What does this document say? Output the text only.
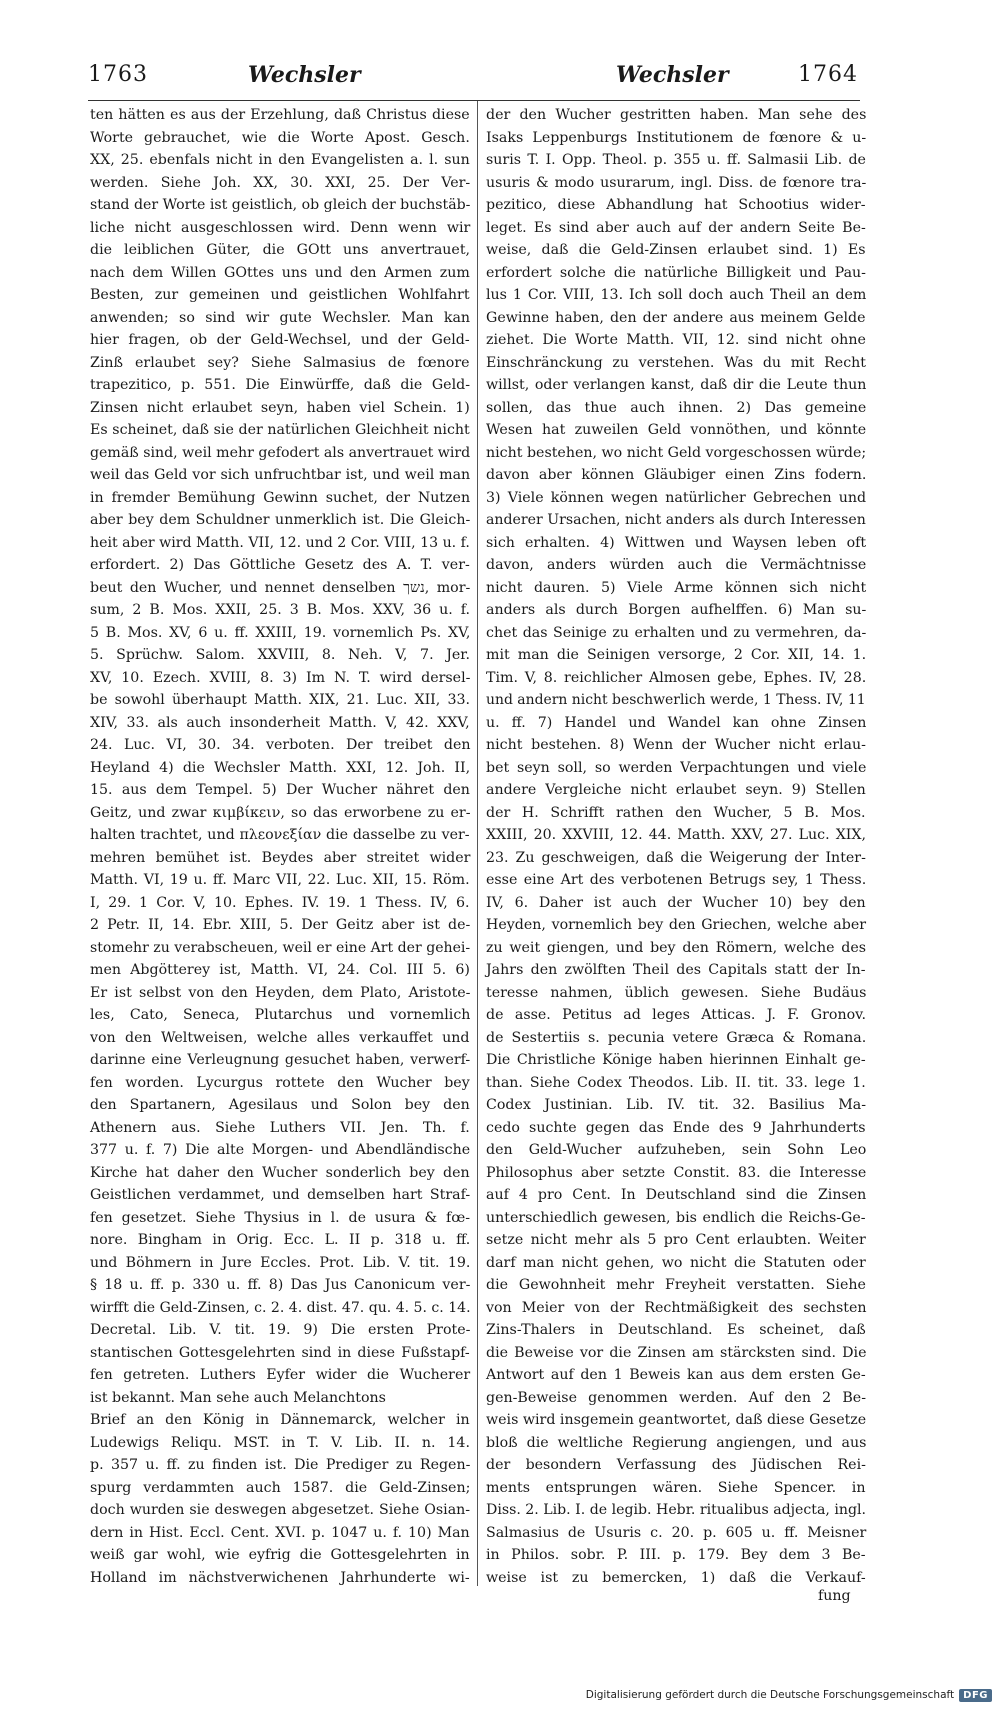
1763	Wechsler	Wechsler	1764
ten hätten es aus der Erzehlung, daß Christus diese
Worte gebrauchet, wie die Worte Apost. Gesch.
XX, 25. ebenfals nicht in den Evangelisten a. l. sun
werden. Siehe Joh. XX, 30. XXI, 25. Der Ver-
stand der Worte ist geistlich, ob gleich der buchstäb-
liche nicht ausgeschlossen wird. Denn wenn wir
die leiblichen Güter, die GOtt uns anvertrauet,
nach dem Willen GOttes uns und den Armen zum
Besten, zur gemeinen und geistlichen Wohlfahrt
anwenden; so sind wir gute Wechsler. Man kan
hier fragen, ob der Geld-Wechsel, und der Geld-
Zinß erlaubet sey? Siehe Salmasius de fœnore
trapezitico, p. 551. Die Einwürffe, daß die Geld-
Zinsen nicht erlaubet seyn, haben viel Schein. 1)
Es scheinet, daß sie der natürlichen Gleichheit nicht
gemäß sind, weil mehr gefodert als anvertrauet wird
weil das Geld vor sich unfruchtbar ist, und weil man
in fremder Bemühung Gewinn suchet, der Nutzen
aber bey dem Schuldner unmerklich ist. Die Gleich-
heit aber wird Matth. VII, 12. und 2 Cor. VIII, 13 u. f.
erfordert. 2) Das Göttliche Gesetz des A. T. ver-
beut den Wucher, und nennet denselben נשך, mor-
sum, 2 B. Mos. XXII, 25. 3 B. Mos. XXV, 36 u. f.
5 B. Mos. XV, 6 u. ff. XXIII, 19. vornemlich Ps. XV,
5. Sprüchw. Salom. XXVIII, 8. Neh. V, 7. Jer.
XV, 10. Ezech. XVIII, 8. 3) Im N. T. wird dersel-
be sowohl überhaupt Matth. XIX, 21. Luc. XII, 33.
XIV, 33. als auch insonderheit Matth. V, 42. XXV,
24. Luc. VI, 30. 34. verboten. Der treibet den
Heyland 4) die Wechsler Matth. XXI, 12. Joh. II,
15. aus dem Tempel. 5) Der Wucher nähret den
Geitz, und zwar κιμβίκειν, so das erworbene zu er-
halten trachtet, und πλεονεξίαν die dasselbe zu ver-
mehren bemühet ist. Beydes aber streitet wider
Matth. VI, 19 u. ff. Marc VII, 22. Luc. XII, 15. Röm.
I, 29. 1 Cor. V, 10. Ephes. IV. 19. 1 Thess. IV, 6.
2 Petr. II, 14. Ebr. XIII, 5. Der Geitz aber ist de-
stomehr zu verabscheuen, weil er eine Art der gehei-
men Abgötterey ist, Matth. VI, 24. Col. III 5. 6)
Er ist selbst von den Heyden, dem Plato, Aristote-
les, Cato, Seneca, Plutarchus und vornemlich
von den Weltweisen, welche alles verkauffet und
darinne eine Verleugnung gesuchet haben, verwerf-
fen worden. Lycurgus rottete den Wucher bey
den Spartanern, Agesilaus und Solon bey den
Athenern aus. Siehe Luthers VII. Jen. Th. f.
377 u. f. 7) Die alte Morgen- und Abendländische
Kirche hat daher den Wucher sonderlich bey den
Geistlichen verdammet, und demselben hart Straf-
fen gesetzet. Siehe Thysius in l. de usura & fœ-
nore. Bingham in Orig. Ecc. L. II p. 318 u. ff.
und Böhmern in Jure Eccles. Prot. Lib. V. tit. 19.
§ 18 u. ff. p. 330 u. ff. 8) Das Jus Canonicum ver-
wirfft die Geld-Zinsen, c. 2. 4. dist. 47. qu. 4. 5. c. 14.
Decretal. Lib. V. tit. 19. 9) Die ersten Prote-
stantischen Gottesgelehrten sind in diese Fußstapf-
fen getreten. Luthers Eyfer wider die Wucherer
ist bekannt. Man sehe auch Melanchtons
Brief an den König in Dännemarck, welcher in
Ludewigs Reliqu. MST. in T. V. Lib. II. n. 14.
p. 357 u. ff. zu finden ist. Die Prediger zu Regen-
spurg verdammten auch 1587. die Geld-Zinsen;
doch wurden sie deswegen abgesetzet. Siehe Osian-
dern in Hist. Eccl. Cent. XVI. p. 1047 u. f. 10) Man
weiß gar wohl, wie eyfrig die Gottesgelehrten in
Holland im nächstverwichenen Jahrhunderte wi-
der den Wucher gestritten haben. Man sehe des
Isaks Leppenburgs Institutionem de fœnore & u-
suris T. I. Opp. Theol. p. 355 u. ff. Salmasii Lib. de
usuris & modo usurarum, ingl. Diss. de fœnore tra-
pezitico, diese Abhandlung hat Schootius wider-
leget. Es sind aber auch auf der andern Seite Be-
weise, daß die Geld-Zinsen erlaubet sind. 1) Es
erfordert solche die natürliche Billigkeit und Pau-
lus 1 Cor. VIII, 13. Ich soll doch auch Theil an dem
Gewinne haben, den der andere aus meinem Gelde
ziehet. Die Worte Matth. VII, 12. sind nicht ohne
Einschränckung zu verstehen. Was du mit Recht
willst, oder verlangen kanst, daß dir die Leute thun
sollen, das thue auch ihnen. 2) Das gemeine
Wesen hat zuweilen Geld vonnöthen, und könnte
nicht bestehen, wo nicht Geld vorgeschossen würde;
davon aber können Gläubiger einen Zins fodern.
3) Viele können wegen natürlicher Gebrechen und
anderer Ursachen, nicht anders als durch Interessen
sich erhalten. 4) Wittwen und Waysen leben oft
davon, anders würden auch die Vermächtnisse
nicht dauren. 5) Viele Arme können sich nicht
anders als durch Borgen aufhelffen. 6) Man su-
chet das Seinige zu erhalten und zu vermehren, da-
mit man die Seinigen versorge, 2 Cor. XII, 14. 1.
Tim. V, 8. reichlicher Almosen gebe, Ephes. IV, 28.
und andern nicht beschwerlich werde, 1 Thess. IV, 11
u. ff. 7) Handel und Wandel kan ohne Zinsen
nicht bestehen. 8) Wenn der Wucher nicht erlau-
bet seyn soll, so werden Verpachtungen und viele
andere Vergleiche nicht erlaubet seyn. 9) Stellen
der H. Schrifft rathen den Wucher, 5 B. Mos.
XXIII, 20. XXVIII, 12. 44. Matth. XXV, 27. Luc. XIX,
23. Zu geschweigen, daß die Weigerung der Inter-
esse eine Art des verbotenen Betrugs sey, 1 Thess.
IV, 6. Daher ist auch der Wucher 10) bey den
Heyden, vornemlich bey den Griechen, welche aber
zu weit giengen, und bey den Römern, welche des
Jahrs den zwölften Theil des Capitals statt der In-
teresse nahmen, üblich gewesen. Siehe Budäus
de asse. Petitus ad leges Atticas. J. F. Gronov.
de Sestertiis s. pecunia vetere Græca & Romana.
Die Christliche Könige haben hierinnen Einhalt ge-
than. Siehe Codex Theodos. Lib. II. tit. 33. lege 1.
Codex Justinian. Lib. IV. tit. 32. Basilius Ma-
cedo suchte gegen das Ende des 9 Jahrhunderts
den Geld-Wucher aufzuheben, sein Sohn Leo
Philosophus aber setzte Constit. 83. die Interesse
auf 4 pro Cent. In Deutschland sind die Zinsen
unterschiedlich gewesen, bis endlich die Reichs-Ge-
setze nicht mehr als 5 pro Cent erlaubten. Weiter
darf man nicht gehen, wo nicht die Statuten oder
die Gewohnheit mehr Freyheit verstatten. Siehe
von Meier von der Rechtmäßigkeit des sechsten
Zins-Thalers in Deutschland. Es scheinet, daß
die Beweise vor die Zinsen am stärcksten sind. Die
Antwort auf den 1 Beweis kan aus dem ersten Ge-
gen-Beweise genommen werden. Auf den 2 Be-
weis wird insgemein geantwortet, daß diese Gesetze
bloß die weltliche Regierung angiengen, und aus
der besondern Verfassung des Jüdischen Rei-
ments entsprungen wären. Siehe Spencer. in
Diss. 2. Lib. I. de legib. Hebr. ritualibus adjecta, ingl.
Salmasius de Usuris c. 20. p. 605 u. ff. Meisner
in Philos. sobr. P. III. p. 179. Bey dem 3 Be-
weise ist zu bemercken, 1) daß die Verkauf-
fung
Digitalisierung gefördert durch die Deutsche Forschungsgemeinschaft DFG
